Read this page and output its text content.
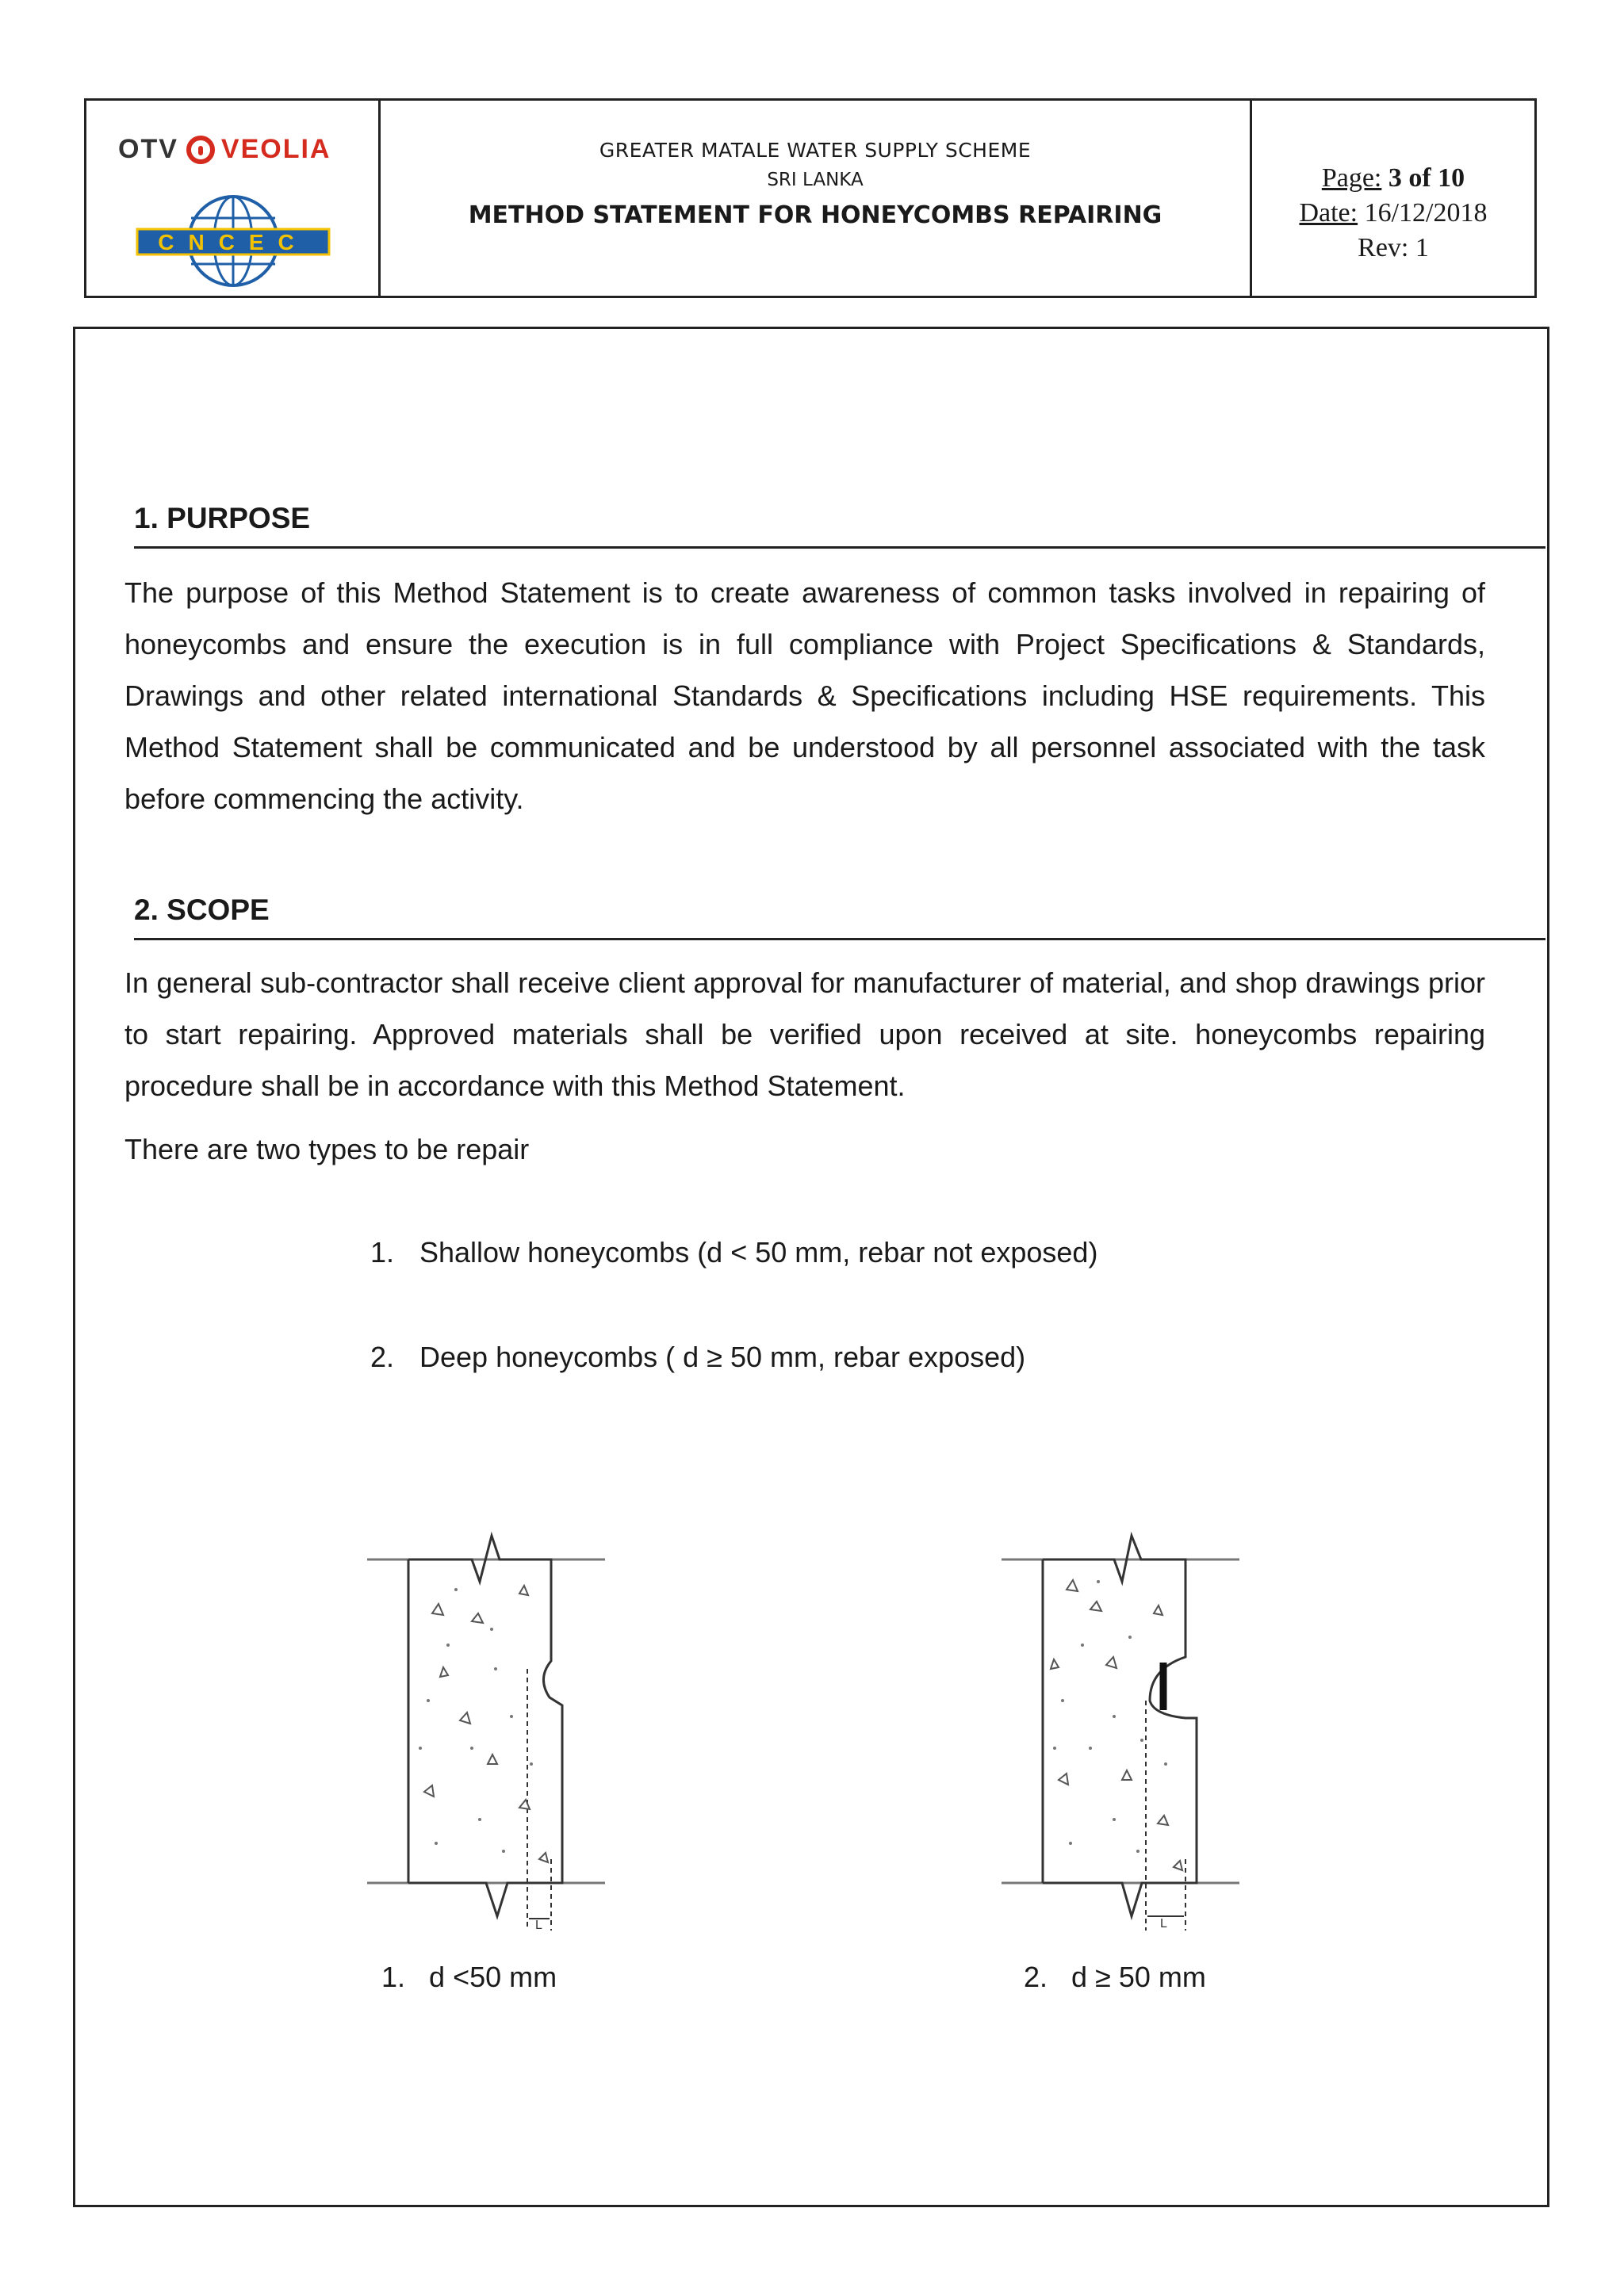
OTV VEOLIA
CNCEC
GREATER MATALE WATER SUPPLY SCHEME
SRI LANKA
METHOD STATEMENT FOR HONEYCOMBS REPAIRING
Page: 3 of 10
Date: 16/12/2018
Rev: 1
1. PURPOSE
The purpose of this Method Statement is to create awareness of common tasks involved in repairing of honeycombs and ensure the execution is in full compliance with Project Specifications & Standards, Drawings and other related international Standards & Specifications including HSE requirements. This Method Statement shall be communicated and be understood by all personnel associated with the task before commencing the activity.
2. SCOPE
In general sub-contractor shall receive client approval for manufacturer of material, and shop drawings prior to start repairing. Approved materials shall be verified upon received at site. honeycombs repairing procedure shall be in accordance with this Method Statement.
There are two types to be repair
1. Shallow honeycombs (d < 50 mm, rebar not exposed)
2. Deep honeycombs ( d ≥ 50 mm, rebar exposed)
L	L
1. d <50 mm	2. d ≥ 50 mm
